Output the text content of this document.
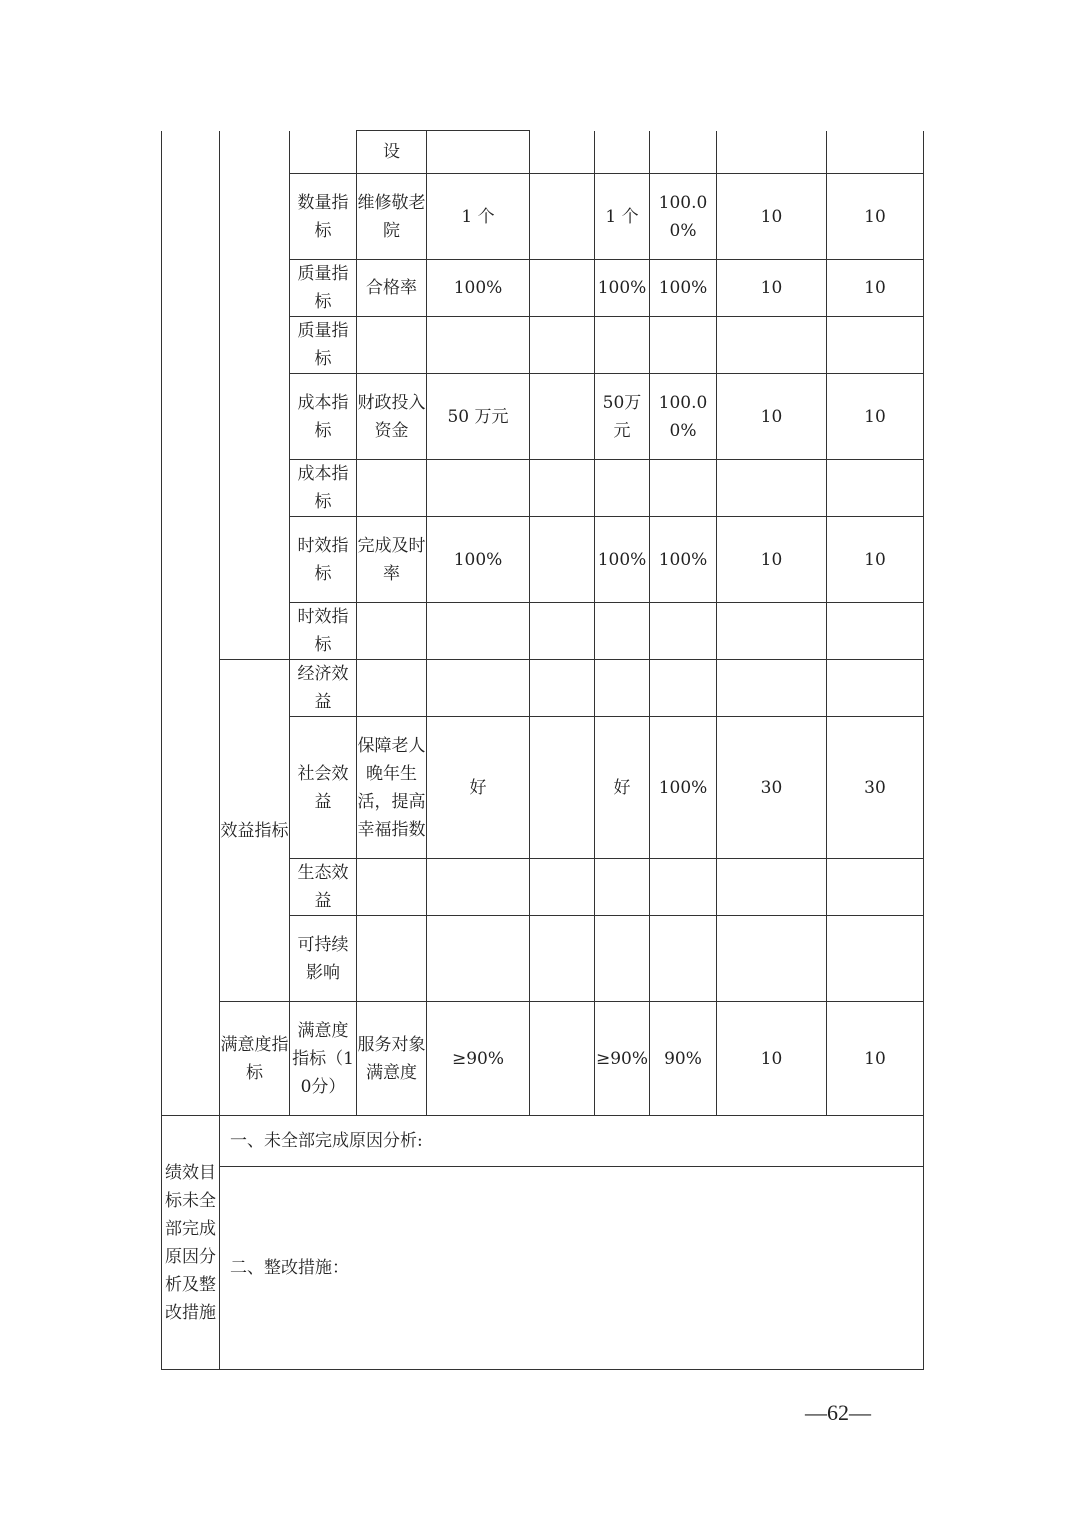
			设						
		数量指标	维修敬老院	1 个		1 个	100.00%	10	10
		质量指标	合格率	100%		100%	100%	10	10
		质量指标							
		成本指标	财政投入资金	50 万元		50万元	100.00%	10	10
		成本指标							
		时效指标	完成及时率	100%		100%	100%	10	10
		时效指标							
	效益指标	经济效益							
		社会效益	保障老人晚年生活，提高幸福指数	好		好	100%	30	30
		生态效益							
		可持续影响							
	满意度指标	满意度指标（10分）	服务对象满意度	≥90%		≥90%	90%	10	10
绩效目标未全部完成原因分析及整改措施	一、未全部完成原因分析:								
	二、整改措施：								
—62—
